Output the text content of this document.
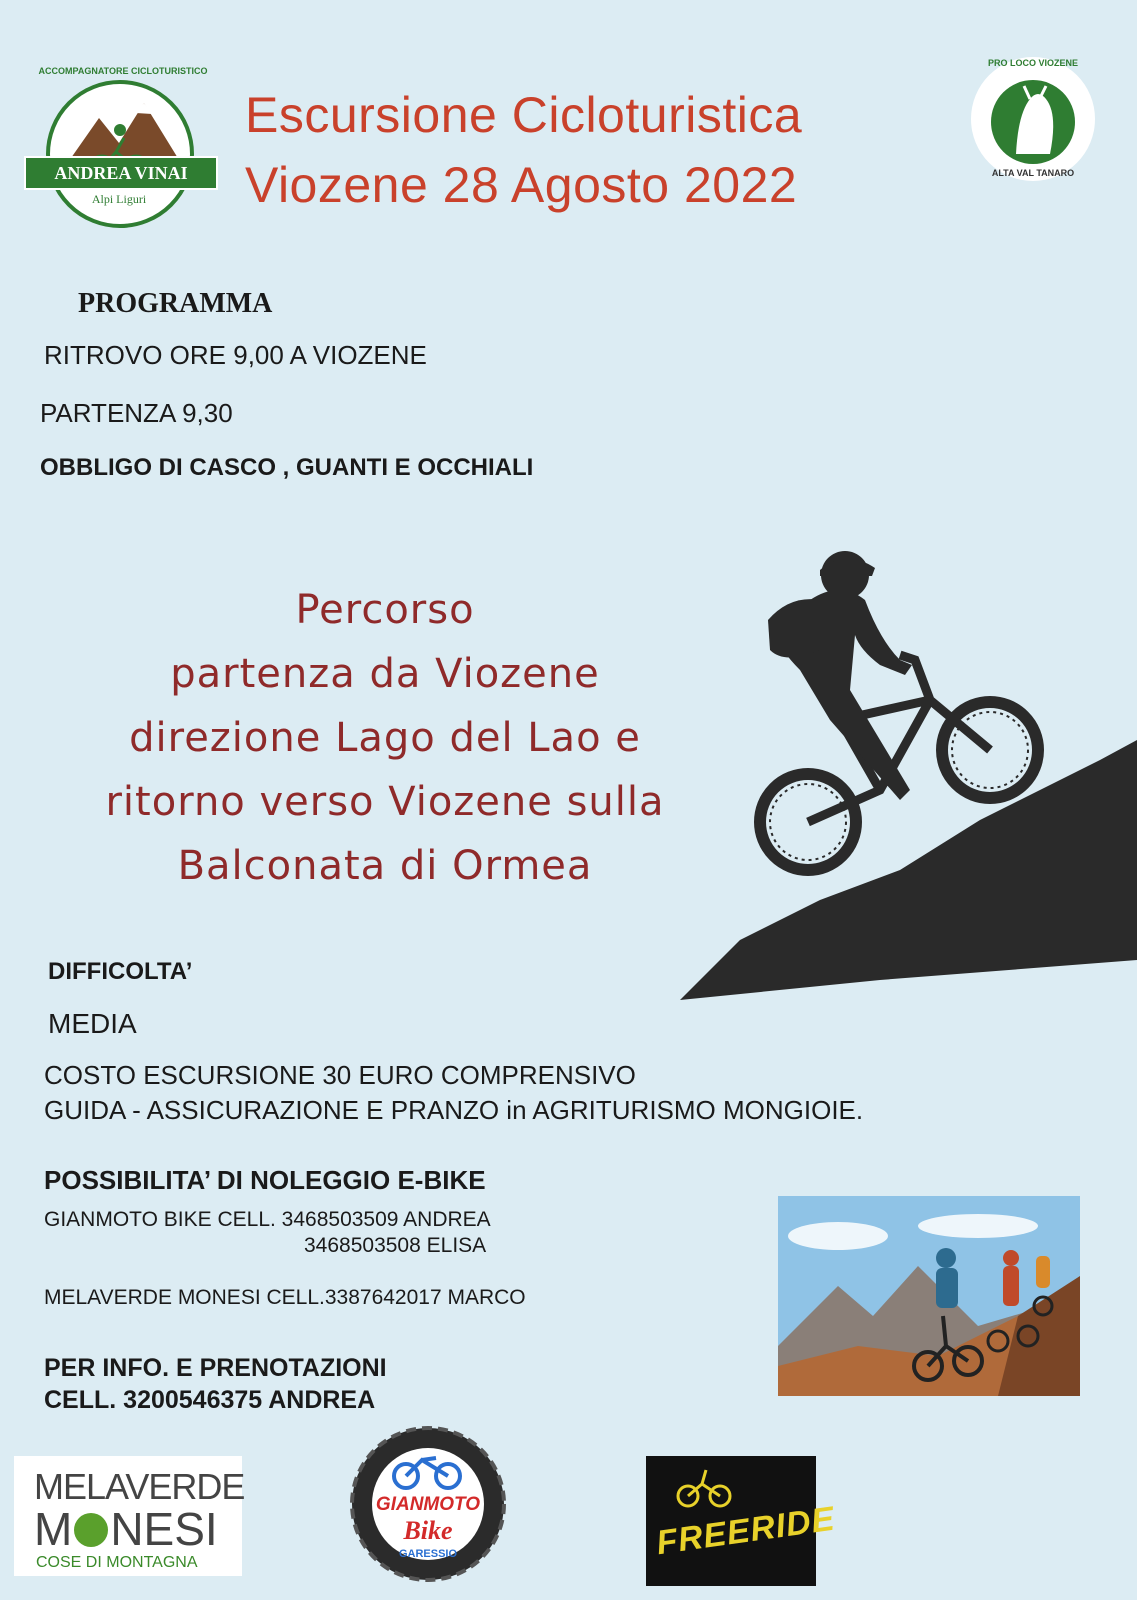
ACCOMPAGNATORE CICLOTURISTICO
ANDREA VINAI
Alpi Liguri
Escursione Cicloturistica
Viozene 28 Agosto 2022
PRO LOCO VIOZENE
ALTA VAL TANARO
PROGRAMMA
RITROVO ORE 9,00 A VIOZENE
PARTENZA 9,30
OBBLIGO DI CASCO , GUANTI E OCCHIALI
Percorso
partenza da Viozene
direzione Lago del Lao e
ritorno verso Viozene sulla
Balconata di Ormea
DIFFICOLTA’
MEDIA
COSTO ESCURSIONE 30 EURO COMPRENSIVO
GUIDA - ASSICURAZIONE E PRANZO in AGRITURISMO MONGIOIE.
POSSIBILITA’ DI NOLEGGIO E-BIKE
GIANMOTO BIKE CELL. 3468503509 ANDREA
3468503508 ELISA
MELAVERDE MONESI CELL.3387642017 MARCO
PER INFO. E PRENOTAZIONI
CELL. 3200546375 ANDREA
MELAVERDE
M NESI
COSE DI MONTAGNA
GIANMOTO
Bike
GARESSIO	FREERIDE
